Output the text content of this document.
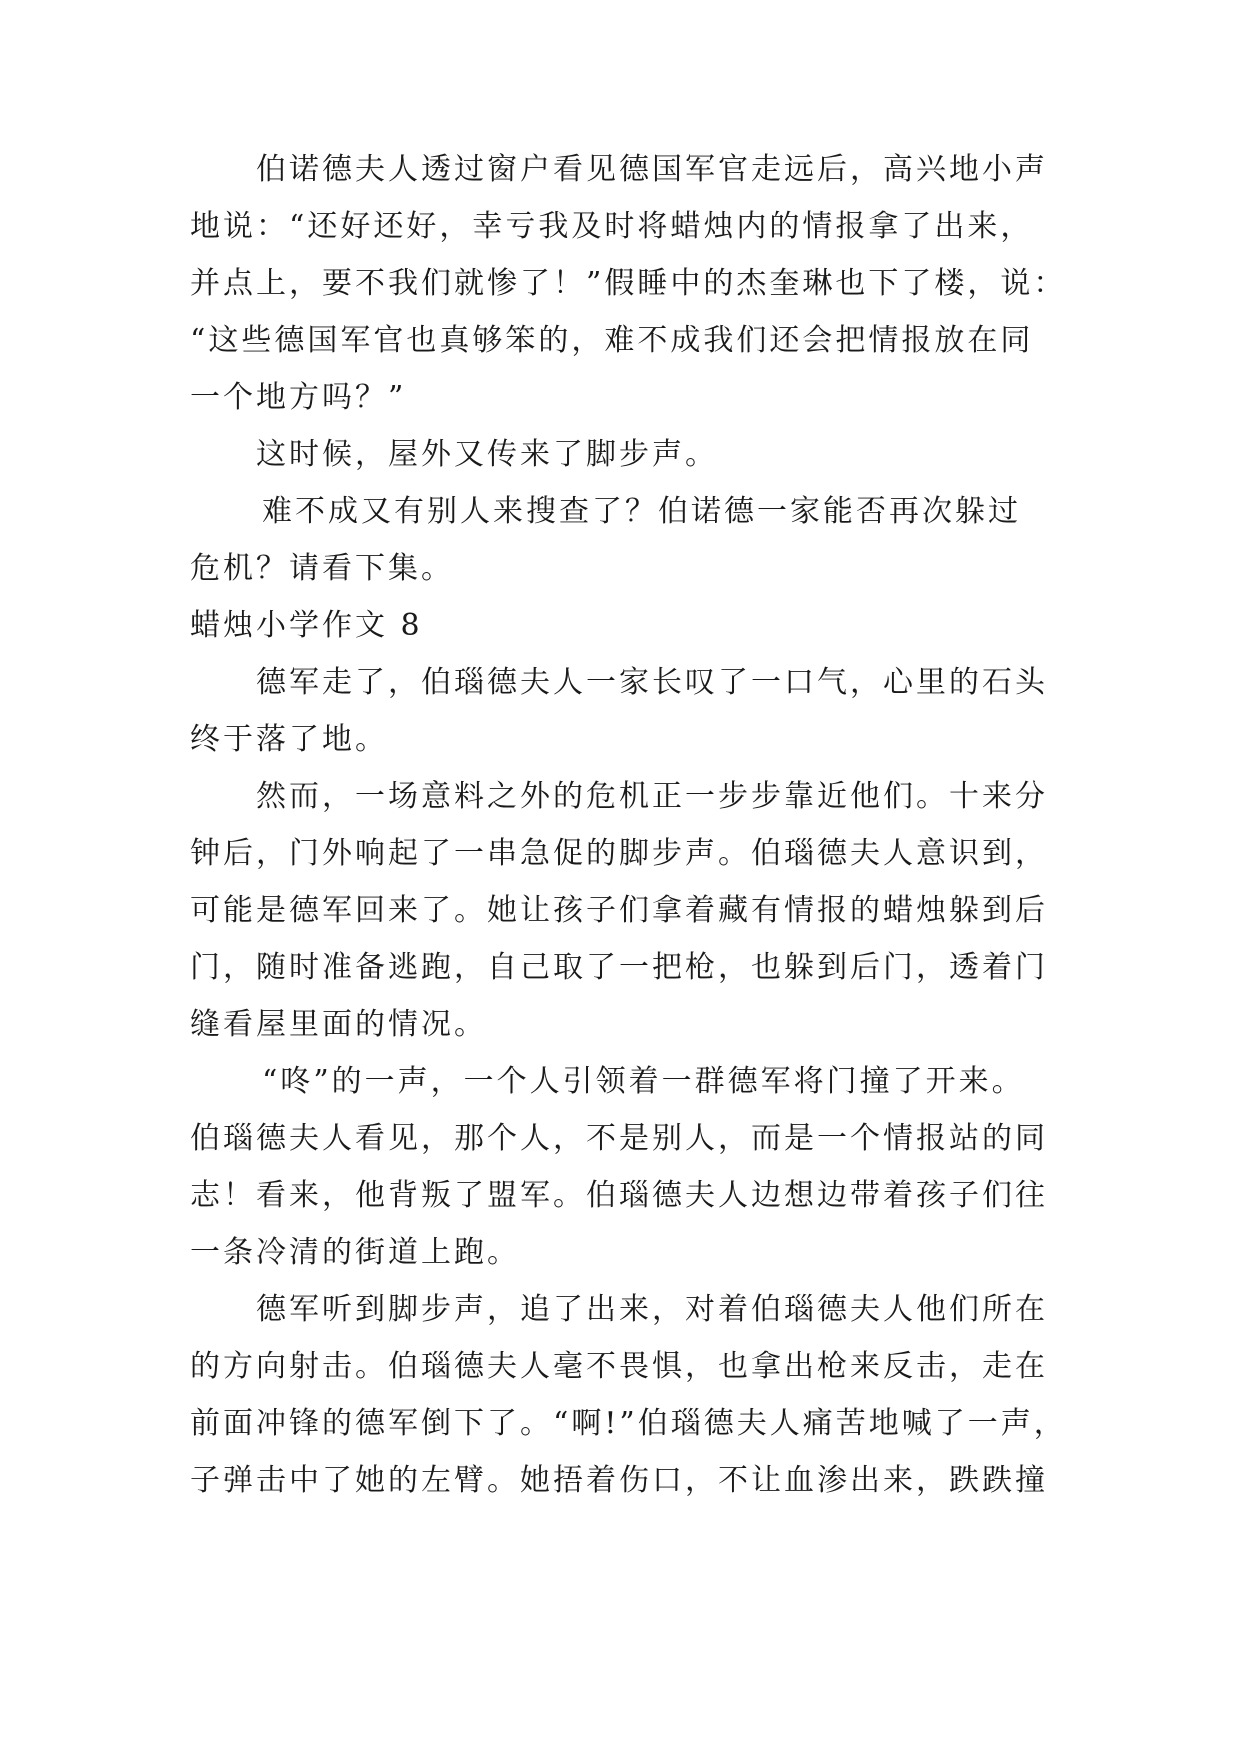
伯诺德夫人透过窗户看见德国军官走远后，高兴地小声
地说：“还好还好，幸亏我及时将蜡烛内的情报拿了出来，
并点上，要不我们就惨了！”假睡中的杰奎琳也下了楼，说：
“这些德国军官也真够笨的，难不成我们还会把情报放在同
一个地方吗？”
这时候，屋外又传来了脚步声。
难不成又有别人来搜查了？伯诺德一家能否再次躲过
危机？请看下集。
蜡烛小学作文 8
德军走了，伯瑙德夫人一家长叹了一口气，心里的石头
终于落了地。
然而，一场意料之外的危机正一步步靠近他们。十来分
钟后，门外响起了一串急促的脚步声。伯瑙德夫人意识到，
可能是德军回来了。她让孩子们拿着藏有情报的蜡烛躲到后
门，随时准备逃跑，自己取了一把枪，也躲到后门，透着门
缝看屋里面的情况。
“咚”的一声，一个人引领着一群德军将门撞了开来。
伯瑙德夫人看见，那个人，不是别人，而是一个情报站的同
志！看来，他背叛了盟军。伯瑙德夫人边想边带着孩子们往
一条冷清的街道上跑。
德军听到脚步声，追了出来，对着伯瑙德夫人他们所在
的方向射击。伯瑙德夫人毫不畏惧，也拿出枪来反击，走在
前面冲锋的德军倒下了。“啊!”伯瑙德夫人痛苦地喊了一声，
子弹击中了她的左臂。她捂着伤口，不让血渗出来，跌跌撞
